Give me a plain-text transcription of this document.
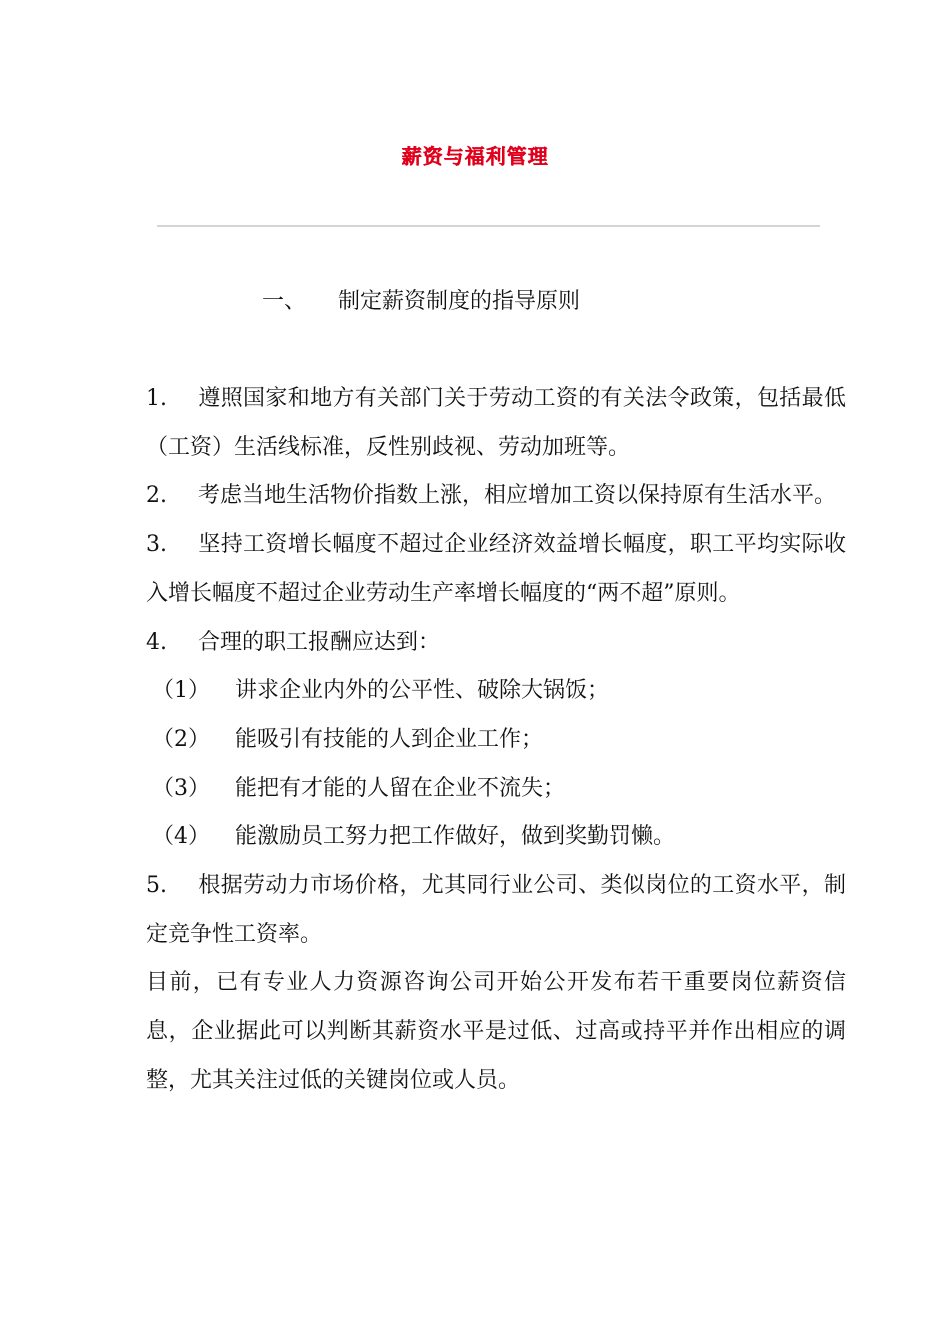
薪资与福利管理
一、 制定薪资制度的指导原则

1. 遵照国家和地方有关部门关于劳动工资的有关法令政策，包括最低（工资）生活线标准，反性别歧视、劳动加班等。

2. 考虑当地生活物价指数上涨，相应增加工资以保持原有生活水平。

3. 坚持工资增长幅度不超过企业经济效益增长幅度，职工平均实际收入增长幅度不超过企业劳动生产率增长幅度的“两不超”原则。

4. 合理的职工报酬应达到：

（1） 讲求企业内外的公平性、破除大锅饭；

（2） 能吸引有技能的人到企业工作；

（3） 能把有才能的人留在企业不流失；

（4） 能激励员工努力把工作做好，做到奖勤罚懒。

5. 根据劳动力市场价格，尤其同行业公司、类似岗位的工资水平，制定竞争性工资率。

目前，已有专业人力资源咨询公司开始公开发布若干重要岗位薪资信息，企业据此可以判断其薪资水平是过低、过高或持平并作出相应的调整，尤其关注过低的关键岗位或人员。
